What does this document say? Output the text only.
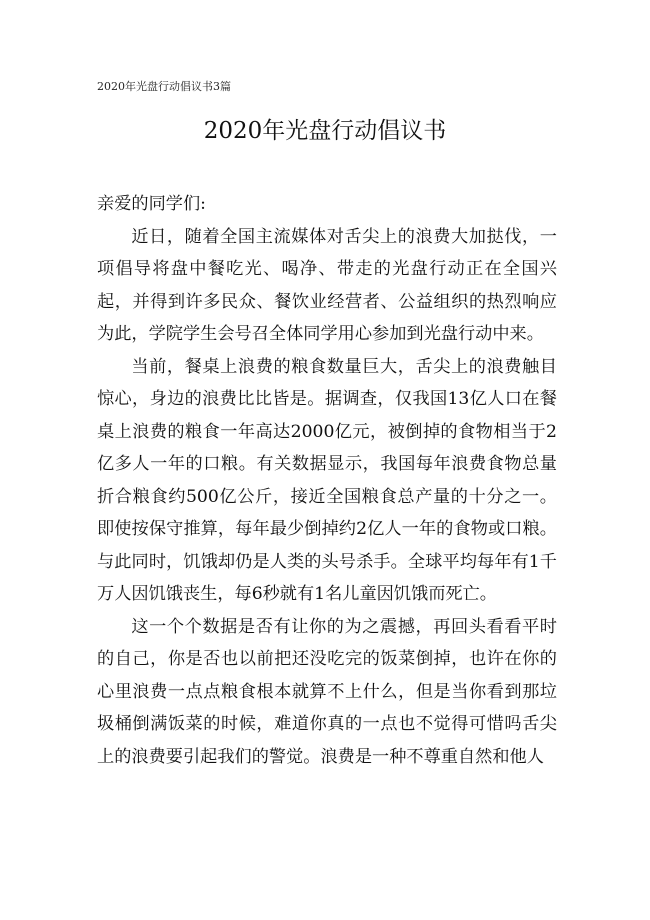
2020年光盘行动倡议书3篇
2020年光盘行动倡议书

亲爱的同学们:

近日，随着全国主流媒体对舌尖上的浪费大加挞伐，一项倡导将盘中餐吃光、喝净、带走的光盘行动正在全国兴起，并得到许多民众、餐饮业经营者、公益组织的热烈响应为此，学院学生会号召全体同学用心参加到光盘行动中来。

当前，餐桌上浪费的粮食数量巨大，舌尖上的浪费触目惊心，身边的浪费比比皆是。据调查，仅我国13亿人口在餐桌上浪费的粮食一年高达2000亿元，被倒掉的食物相当于2亿多人一年的口粮。有关数据显示，我国每年浪费食物总量折合粮食约500亿公斤，接近全国粮食总产量的十分之一。即使按保守推算，每年最少倒掉约2亿人一年的食物或口粮。与此同时，饥饿却仍是人类的头号杀手。全球平均每年有1千万人因饥饿丧生，每6秒就有1名儿童因饥饿而死亡。

这一个个数据是否有让你的为之震撼，再回头看看平时的自己，你是否也以前把还没吃完的饭菜倒掉，也许在你的心里浪费一点点粮食根本就算不上什么，但是当你看到那垃圾桶倒满饭菜的时候，难道你真的一点也不觉得可惜吗舌尖上的浪费要引起我们的警觉。浪费是一种不尊重自然和他人
